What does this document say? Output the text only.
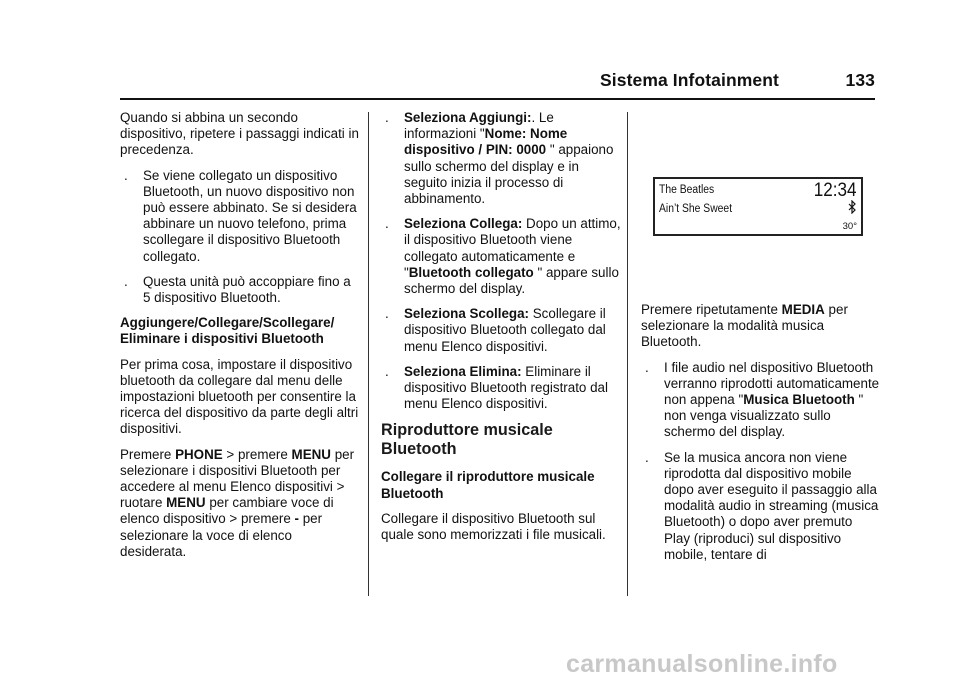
Sistema Infotainment	133

Quando si abbina un secondo dispositivo, ripetere i passaggi indicati in precedenza.

. Se viene collegato un dispositivo Bluetooth, un nuovo dispositivo non può essere abbinato. Se si desidera abbinare un nuovo telefono, prima scollegare il dispositivo Bluetooth collegato.
. Questa unità può accoppiare fino a 5 dispositivo Bluetooth.
Aggiungere/Collegare/Scollegare/ Eliminare i dispositivi Bluetooth

Per prima cosa, impostare il dispositivo bluetooth da collegare dal menu delle impostazioni bluetooth per consentire la ricerca del dispositivo da parte degli altri dispositivi.

Premere PHONE > premere MENU per selezionare i dispositivi Bluetooth per accedere al menu Elenco dispositivi > ruotare MENU per cambiare voce di elenco dispositivo > premere - per selezionare la voce di elenco desiderata.

. Seleziona Aggiungi:. Le informazioni "Nome: Nome dispositivo / PIN: 0000 " appaiono sullo schermo del display e in seguito inizia il processo di abbinamento.
. Seleziona Collega: Dopo un attimo, il dispositivo Bluetooth viene collegato automaticamente e "Bluetooth collegato " appare sullo schermo del display.
. Seleziona Scollega: Scollegare il dispositivo Bluetooth collegato dal menu Elenco dispositivi.
. Seleziona Elimina: Eliminare il dispositivo Bluetooth registrato dal menu Elenco dispositivi.
Riproduttore musicale Bluetooth
Collegare il riproduttore musicale Bluetooth

Collegare il dispositivo Bluetooth sul quale sono memorizzati i file musicali.

The Beatles
Ain’t She Sweet
12:34
30°

Premere ripetutamente MEDIA per selezionare la modalità musica Bluetooth.

. I file audio nel dispositivo Bluetooth verranno riprodotti automaticamente non appena "Musica Bluetooth " non venga visualizzato sullo schermo del display.
. Se la musica ancora non viene riprodotta dal dispositivo mobile dopo aver eseguito il passaggio alla modalità audio in streaming (musica Bluetooth) o dopo aver premuto Play (riproduci) sul dispositivo mobile, tentare di
carmanualsonline.info
